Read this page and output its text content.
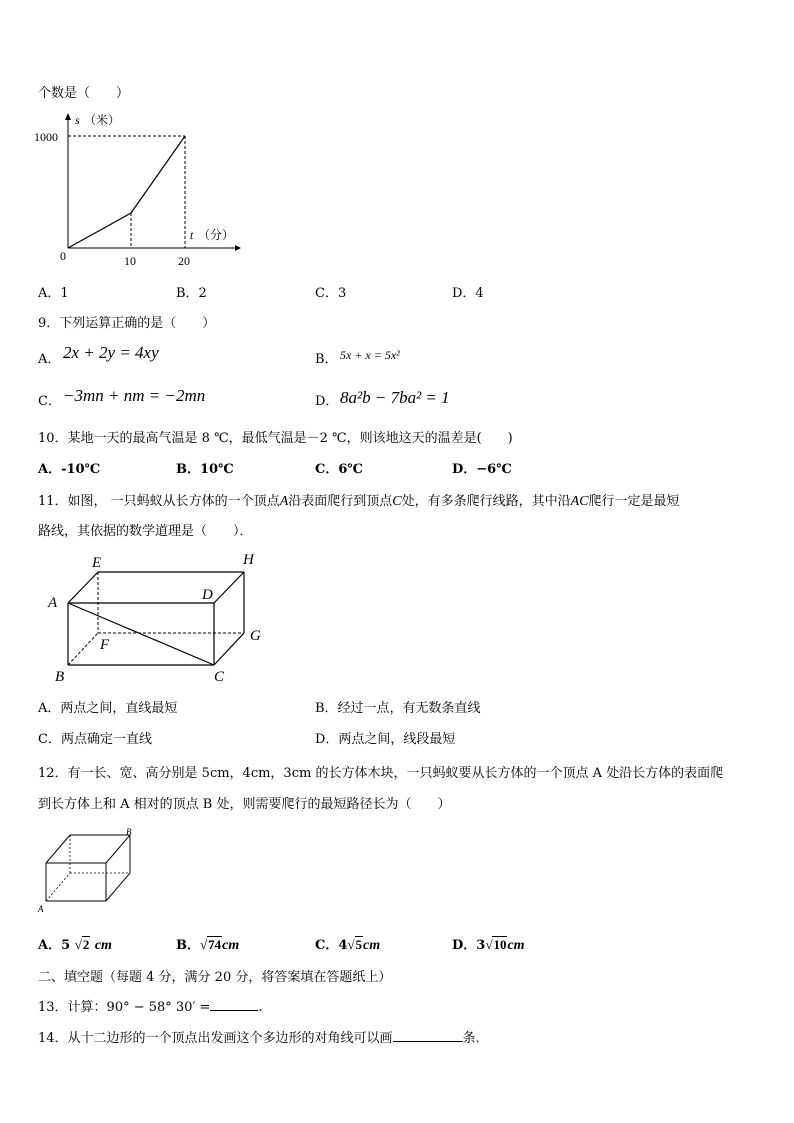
个数是（　　）
s （米）
1000
t （分）
0	10	20
A．1	B．2	C．3	D．4
9．下列运算正确的是（　　）
A． 2x + 2y = 4xy	B． 5x + x = 5x²
C． −3mn + nm = −2mn	D． 8a²b − 7ba² = 1
10．某地一天的最高气温是 8 ℃，最低气温是－2 ℃，则该地这天的温差是(　　)
A．-10℃	B．10℃	C．6℃	D．−6℃
11．如图， 一只蚂蚁从长方体的一个顶点A沿表面爬行到顶点C处，有多条爬行线路，其中沿AC爬行一定是最短
路线，其依据的数学道理是（　　）．
E	H
A	D
G
F
B	C
A．两点之间，直线最短	B．经过一点，有无数条直线
C．两点确定一直线	D．两点之间，线段最短
12．有一长、宽、高分别是 5cm，4cm，3cm 的长方体木块，一只蚂蚁要从长方体的一个顶点 A 处沿长方体的表面爬
到长方体上和 A 相对的顶点 B 处，则需要爬行的最短路径长为（　　）
A
B
A．5 √2 cm	B．√74cm	C．4√5cm	D．3√10cm
二、填空题（每题 4 分，满分 20 分，将答案填在答题纸上）
13．计算：90° − 58° 30′ =	.
14．从十二边形的一个顶点出发画这个多边形的对角线可以画	条．
